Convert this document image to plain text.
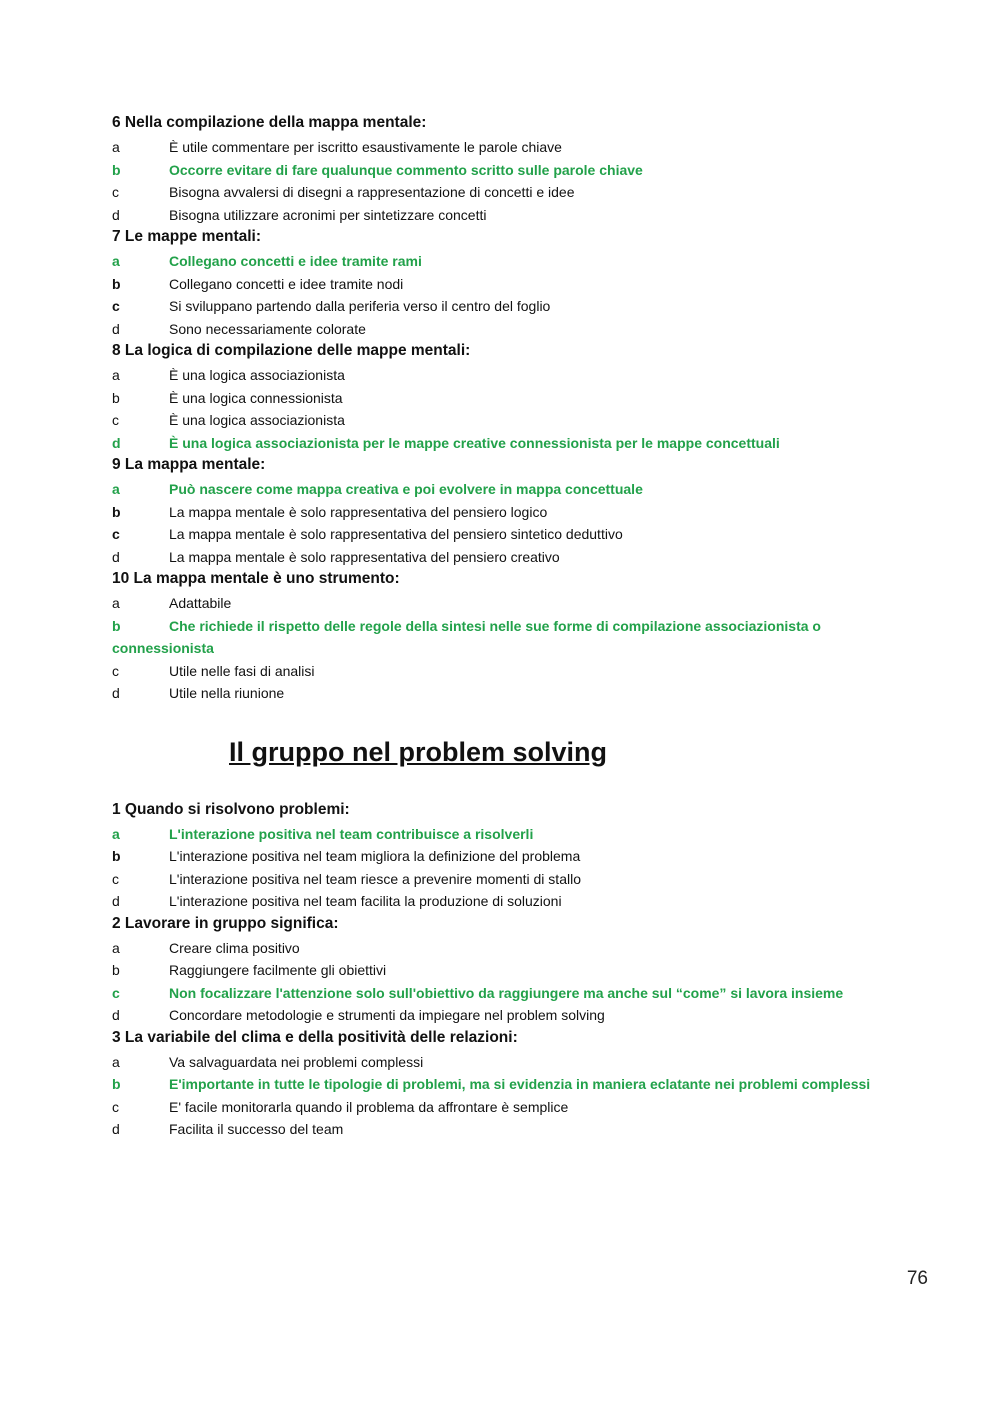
6 Nella compilazione della mappa mentale:
a	È utile commentare per iscritto esaustivamente le parole chiave
b	Occorre evitare di fare qualunque commento scritto sulle parole chiave
c	Bisogna avvalersi di disegni a rappresentazione di concetti e idee
d	Bisogna utilizzare acronimi per sintetizzare concetti
7 Le mappe mentali:
a	Collegano concetti e idee tramite rami
b	Collegano concetti e idee tramite nodi
c	Si sviluppano partendo dalla periferia verso il centro del foglio
d	Sono necessariamente colorate
8 La logica di compilazione delle mappe mentali:
a	È una logica associazionista
b	È una logica connessionista
c	È una logica associazionista
d	È una logica associazionista per le mappe creative connessionista per le mappe concettuali
9 La mappa mentale:
a	Può nascere come mappa creativa e poi evolvere in mappa concettuale
b	La mappa mentale è solo rappresentativa del pensiero logico
c	La mappa mentale è solo rappresentativa del pensiero sintetico deduttivo
d	La mappa mentale è solo rappresentativa del pensiero creativo
10 La mappa mentale è uno strumento:
a	Adattabile
b	Che richiede il rispetto delle regole della sintesi nelle sue forme di compilazione associazionista o
connessionista
c	Utile nelle fasi di analisi
d	Utile nella riunione
Il gruppo nel problem solving
1 Quando si risolvono problemi:
a	L'interazione positiva nel team contribuisce a risolverli
b	L'interazione positiva nel team migliora la definizione del problema
c	L'interazione positiva nel team riesce a prevenire momenti di stallo
d	L'interazione positiva nel team facilita la produzione di soluzioni
2 Lavorare in gruppo significa:
a	Creare clima positivo
b	Raggiungere facilmente gli obiettivi
c	Non focalizzare l'attenzione solo sull'obiettivo da raggiungere ma anche sul “come” si lavora insieme
d	Concordare metodologie e strumenti da impiegare nel problem solving
3 La variabile del clima e della positività delle relazioni:
a	Va salvaguardata nei problemi complessi
b	E'importante in tutte le tipologie di problemi, ma si evidenzia in maniera eclatante nei problemi complessi
c	E' facile monitorarla quando il problema da affrontare è semplice
d	Facilita il successo del team
76
